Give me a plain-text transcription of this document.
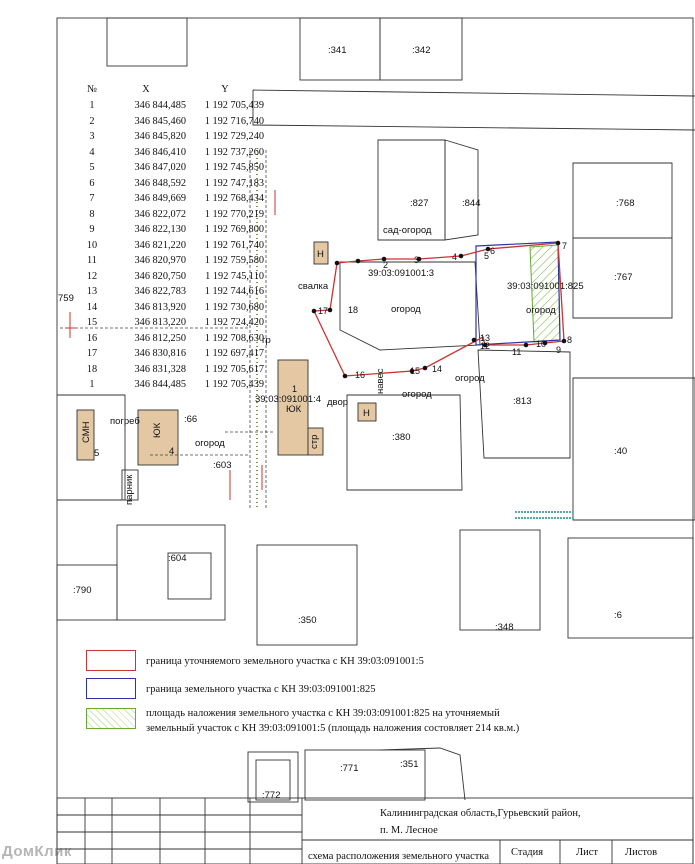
:341	:342
:827	:844	:768
:767
сад-огород
39:03:091001:3
39:03:091001:825
свалка
огород	огород
огород
огород
огород
:813
:40
39:03:091001:4
ЮК
двор
Н
Н
:380
:66
погреб
:603
:604
:790
759
:350
:348
:6
:771	:351
:772
стр
навес
СМН	ЮК
парник
гр
5	4
1
2	3	4	5 6	7
8
9
10
11
12
13
14
15
16
17 18
№	X	Y
1	346 844,485	1 192 705,439
2	346 845,460	1 192 716,740
3	346 845,820	1 192 729,240
4	346 846,410	1 192 737,260
5	346 847,020	1 192 745,850
6	346 848,592	1 192 747,183
7	346 849,669	1 192 768,434
8	346 822,072	1 192 770,219
9	346 822,130	1 192 769,800
10	346 821,220	1 192 761,740
11	346 820,970	1 192 759,580
12	346 820,750	1 192 745,110
13	346 822,783	1 192 744,616
14	346 813,920	1 192 730,680
15	346 813,220	1 192 724,420
16	346 812,250	1 192 708,630
17	346 830,816	1 192 697,417
18	346 831,328	1 192 705,617
1	346 844,485	1 192 705,439
граница уточняемого земельного участка с КН 39:03:091001:5
граница земельного участка с КН 39:03:091001:825
площадь наложения земельного участка с КН 39:03:091001:825 на уточняемый
земельный участок с КН 39:03:091001:5 (площадь наложения состовляет 214 кв.м.)
Калининградская область,Гурьевский район,
п. М. Лесное
схема расположения земельного участка Стадия	Лист	Листов
ДомКлик
